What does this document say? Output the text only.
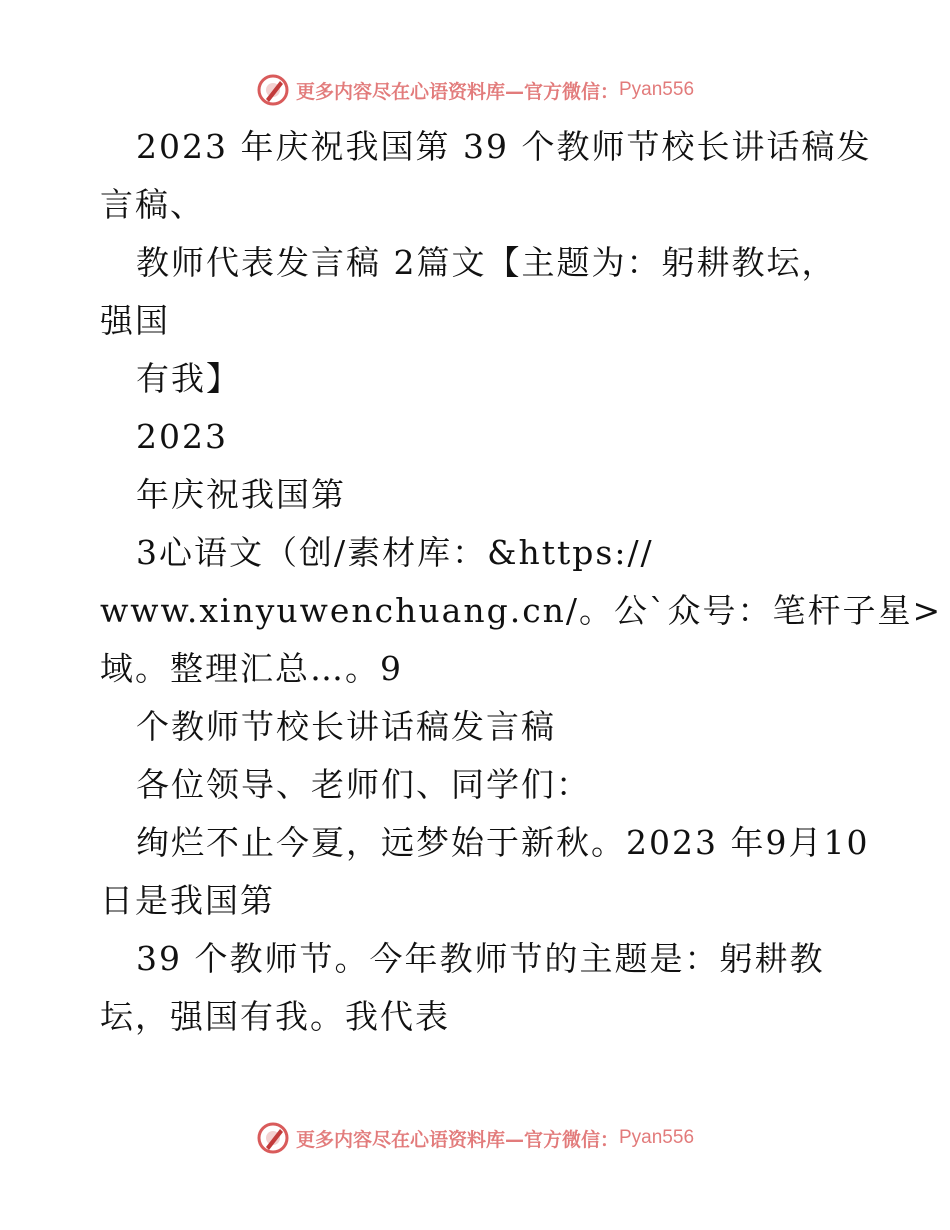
更多内容尽在心语资料库—官方微信： Pyan556

2023 年庆祝我国第 39 个教师节校长讲话稿发

言稿、

教师代表发言稿 2篇文【主题为：躬耕教坛，

强国

有我】

2023

年庆祝我国第

3心语文（创/素材库：&https://

www.xinyuwenchuang.cn/。公`众号：笔杆子星>

域。整理汇总…。9

个教师节校长讲话稿发言稿

各位领导、老师们、同学们：

绚烂不止今夏，远梦始于新秋。2023 年9月10

日是我国第

39 个教师节。今年教师节的主题是：躬耕教

坛，强国有我。我代表

更多内容尽在心语资料库—官方微信： Pyan556
